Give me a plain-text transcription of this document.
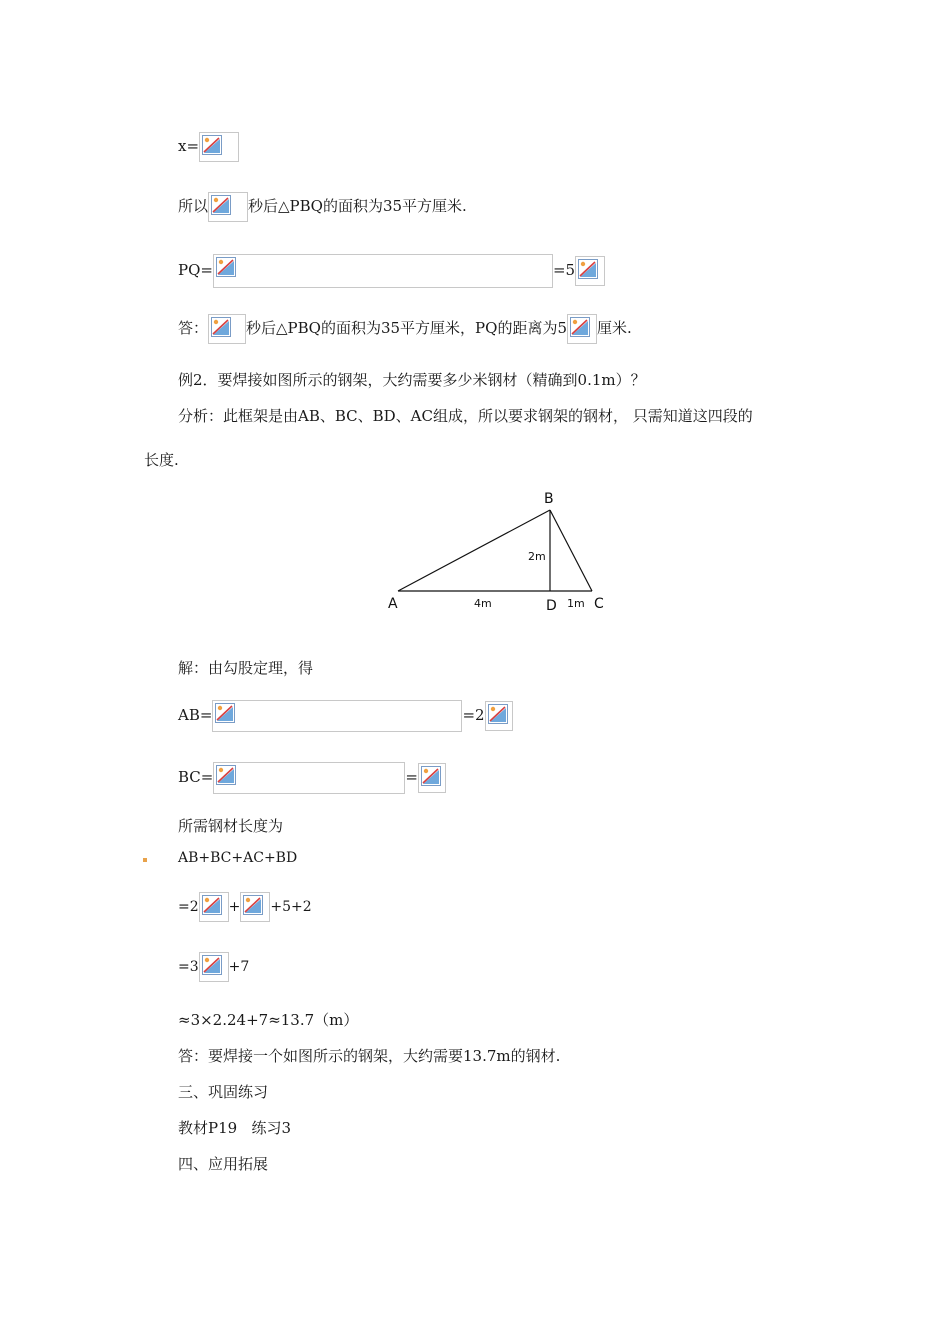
x=
所以	秒后△PBQ的面积为35平方厘米.
PQ=	=5
答：	秒后△PBQ的面积为35平方厘米，PQ的距离为5 厘米.
例2．要焊接如图所示的钢架，大约需要多少米钢材（精确到0.1m）？
分析：此框架是由AB、BC、BD、AC组成，所以要求钢架的钢材， 只需知道这四段的
长度.
B
A	D	C
2m
4m	1m
解：由勾股定理，得
AB=	=2
BC=	=
所需钢材长度为
AB+BC+AC+BD
=2 + +5+2
=3 +7
≈3×2.24+7≈13.7（m）
答：要焊接一个如图所示的钢架，大约需要13.7m的钢材.
三、巩固练习
教材P19   练习3
四、应用拓展
